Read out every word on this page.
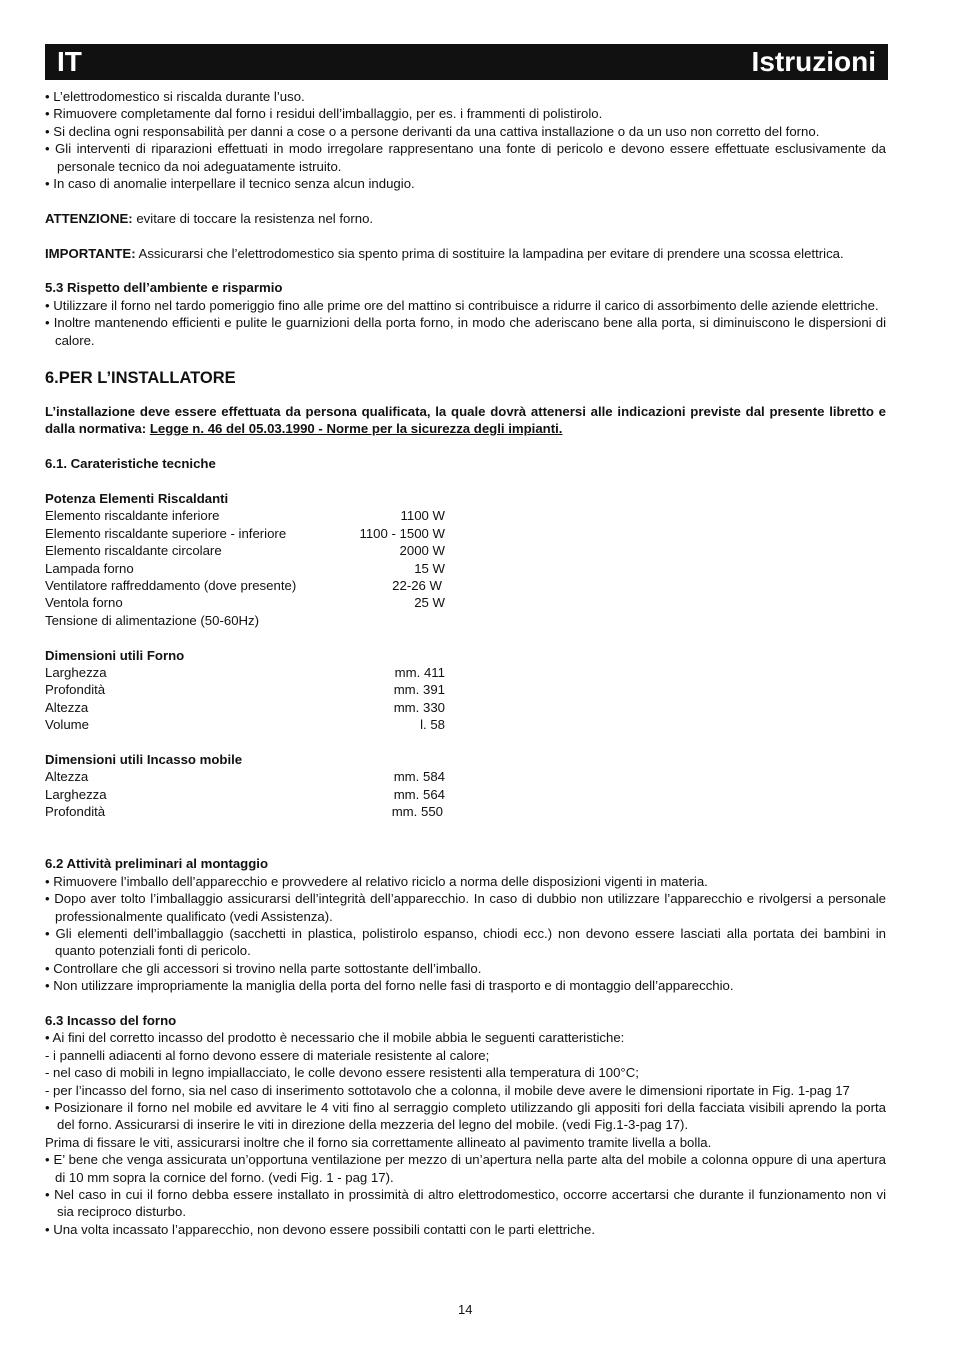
IT	Istruzioni

• L’elettrodomestico si riscalda durante l’uso.

• Rimuovere completamente dal forno i residui dell’imballaggio, per es. i frammenti di polistirolo.

• Si declina ogni responsabilità per danni a cose o a persone derivanti da una cattiva installazione o da un uso non corretto del forno.

• Gli interventi di riparazioni effettuati in modo irregolare rappresentano una fonte di pericolo e devono essere effettuate esclusivamente da personale tecnico da noi adeguatamente istruito.

• In caso di anomalie interpellare il tecnico senza alcun indugio.

ATTENZIONE: evitare di toccare la resistenza nel forno.

IMPORTANTE: Assicurarsi che l’elettrodomestico sia spento prima di sostituire la lampadina per evitare di prendere una scossa elettrica.

5.3 Rispetto dell’ambiente e risparmio

• Utilizzare il forno nel tardo pomeriggio fino alle prime ore del mattino si contribuisce a ridurre il carico di assorbimento delle aziende elettriche.

• Inoltre mantenendo efficienti e pulite le guarnizioni della porta forno, in modo che aderiscano bene alla porta, si diminuiscono le dispersioni di calore.

6.PER L’INSTALLATORE

L’installazione deve essere effettuata da persona qualificata, la quale dovrà attenersi alle indicazioni previste dal presente libretto e dalla normativa: Legge n. 46 del 05.03.1990 - Norme per la sicurezza degli impianti.

6.1. Carateristiche tecniche

Potenza Elementi Riscaldanti

Elemento riscaldante inferiore	1100 W
Elemento riscaldante superiore - inferiore	1100 - 1500 W
Elemento riscaldante circolare	2000 W
Lampada forno	15 W
Ventilatore raffreddamento (dove presente)	22-26 W
Ventola forno	25 W
Tensione di alimentazione (50-60Hz)

Dimensioni utili Forno

Larghezza	mm. 411
Profondità	mm. 391
Altezza	mm. 330
Volume	l. 58

Dimensioni utili Incasso mobile

Altezza	mm. 584
Larghezza	mm. 564
Profondità	mm. 550

6.2 Attività preliminari al montaggio

• Rimuovere l’imballo dell’apparecchio e provvedere al relativo riciclo a norma delle disposizioni vigenti in materia.

• Dopo aver tolto l’imballaggio assicurarsi dell’integrità dell’apparecchio. In caso di dubbio non utilizzare l’apparecchio e rivolgersi a personale professionalmente qualificato (vedi Assistenza).

• Gli elementi dell’imballaggio (sacchetti in plastica, polistirolo espanso, chiodi ecc.) non devono essere lasciati alla portata dei bambini in quanto potenziali fonti di pericolo.

• Controllare che gli accessori si trovino nella parte sottostante dell’imballo.

• Non utilizzare impropriamente la maniglia della porta del forno nelle fasi di trasporto e di montaggio dell’apparecchio.

6.3 Incasso del forno

• Ai fini del corretto incasso del prodotto è necessario che il mobile abbia le seguenti caratteristiche:

- i pannelli adiacenti al forno devono essere di materiale resistente al calore;

- nel caso di mobili in legno impiallacciato, le colle devono essere resistenti alla temperatura di 100°C;

- per l’incasso del forno, sia nel caso di inserimento sottotavolo che a colonna, il mobile deve avere le dimensioni riportate in Fig. 1-pag 17

• Posizionare il forno nel mobile ed avvitare le 4 viti fino al serraggio completo utilizzando gli appositi fori della facciata visibili aprendo la porta del forno. Assicurarsi di inserire le viti in direzione della mezzeria del legno del mobile. (vedi Fig.1-3-pag 17).

Prima di fissare le viti, assicurarsi inoltre che il forno sia correttamente allineato al pavimento tramite livella a bolla.

• E’ bene che venga assicurata un’opportuna ventilazione per mezzo di un’apertura nella parte alta del mobile a colonna oppure di una apertura di 10 mm sopra la cornice del forno. (vedi Fig. 1 - pag 17).

• Nel caso in cui il forno debba essere installato in prossimità di altro elettrodomestico, occorre accertarsi che durante il funzionamento non vi sia reciproco disturbo.

• Una volta incassato l’apparecchio, non devono essere possibili contatti con le parti elettriche.

14
